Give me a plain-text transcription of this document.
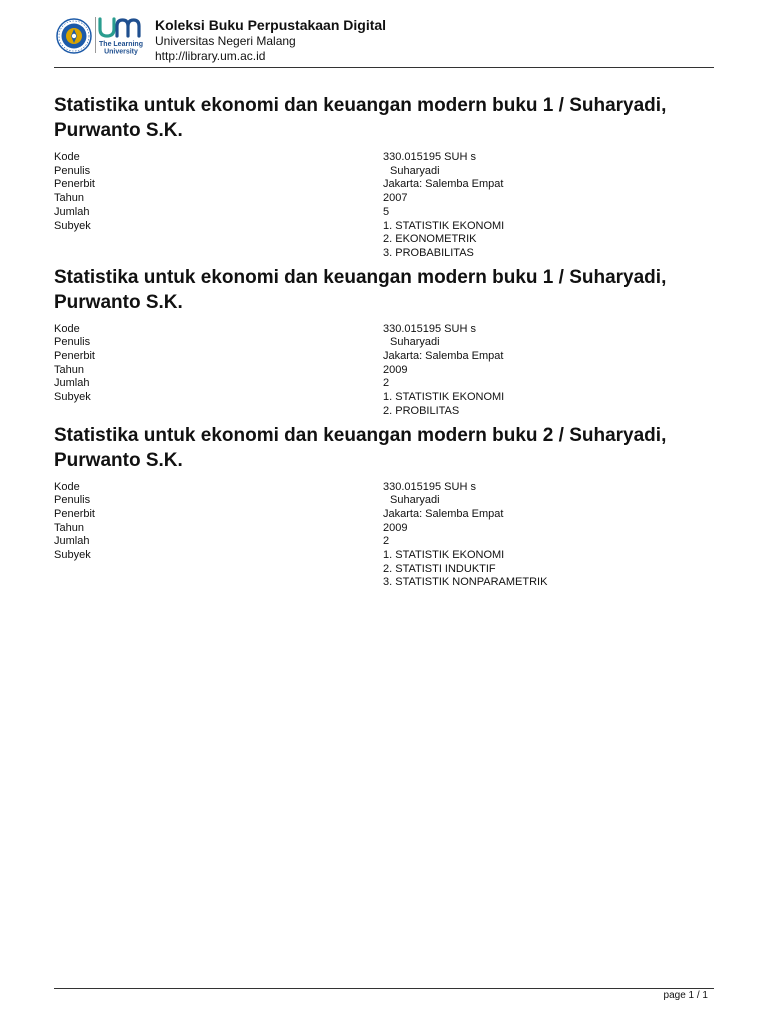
The Learning
University
Koleksi Buku Perpustakaan Digital
Universitas Negeri Malang
http://library.um.ac.id
Statistika untuk ekonomi dan keuangan modern buku 1 / Suharyadi, Purwanto S.K.
Kode	330.015195 SUH s
Penulis	Suharyadi
Penerbit	Jakarta: Salemba Empat
Tahun	2007
Jumlah	5
Subyek	1. STATISTIK EKONOMI
2. EKONOMETRIK
3. PROBABILITAS
Statistika untuk ekonomi dan keuangan modern buku 1 / Suharyadi, Purwanto S.K.
Kode	330.015195 SUH s
Penulis	Suharyadi
Penerbit	Jakarta: Salemba Empat
Tahun	2009
Jumlah	2
Subyek	1. STATISTIK EKONOMI
2. PROBILITAS
Statistika untuk ekonomi dan keuangan modern buku 2 / Suharyadi, Purwanto S.K.
Kode	330.015195 SUH s
Penulis	Suharyadi
Penerbit	Jakarta: Salemba Empat
Tahun	2009
Jumlah	2
Subyek	1. STATISTIK EKONOMI
2. STATISTI INDUKTIF
3. STATISTIK NONPARAMETRIK
page 1 / 1
